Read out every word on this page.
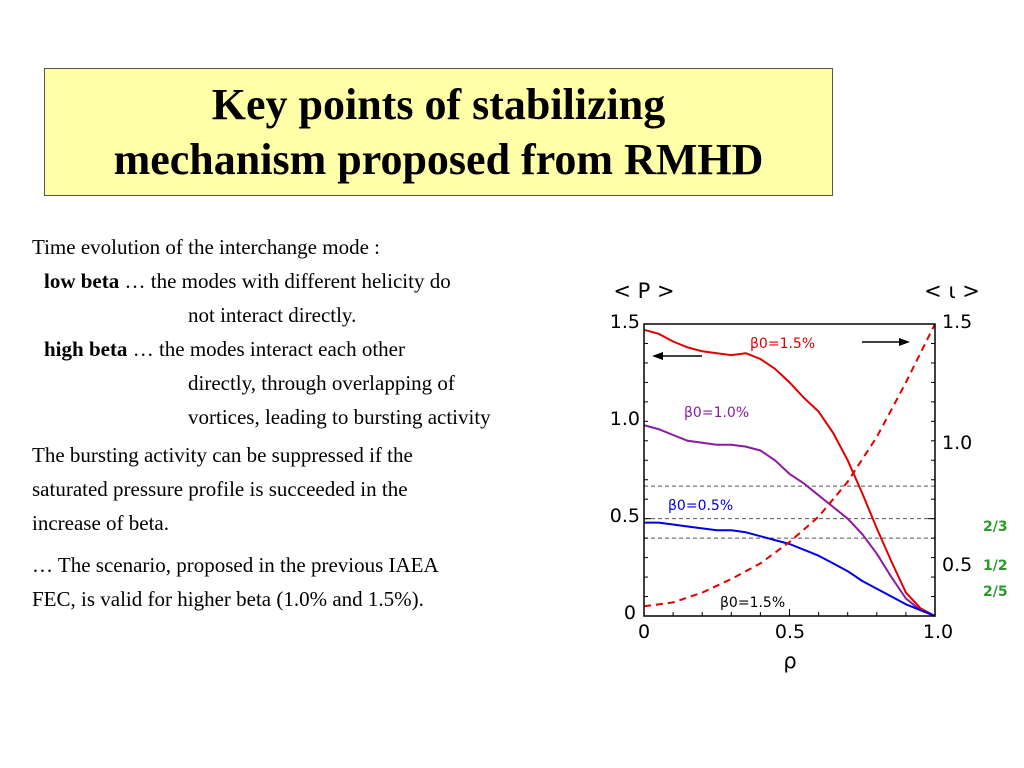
Key points of stabilizing
mechanism proposed from RMHD
Time evolution of the interchange mode :
low beta … the modes with different helicity do
not interact directly.
high beta … the modes interact each other
directly, through overlapping of
vortices, leading to bursting activity
The bursting activity can be suppressed if the
saturated pressure profile is succeeded in the
increase of beta.
… The scenario, proposed in the previous IAEA
FEC, is valid for higher beta (1.0% and 1.5%).
< P >	< ι >
ρ
0	0.5	1.0
0
0.5
1.0
1.5
0.5
1.0
1.5
2/3
1/2
2/5
β0=1.5%
β0=1.0%
β0=0.5%
β0=1.5%
